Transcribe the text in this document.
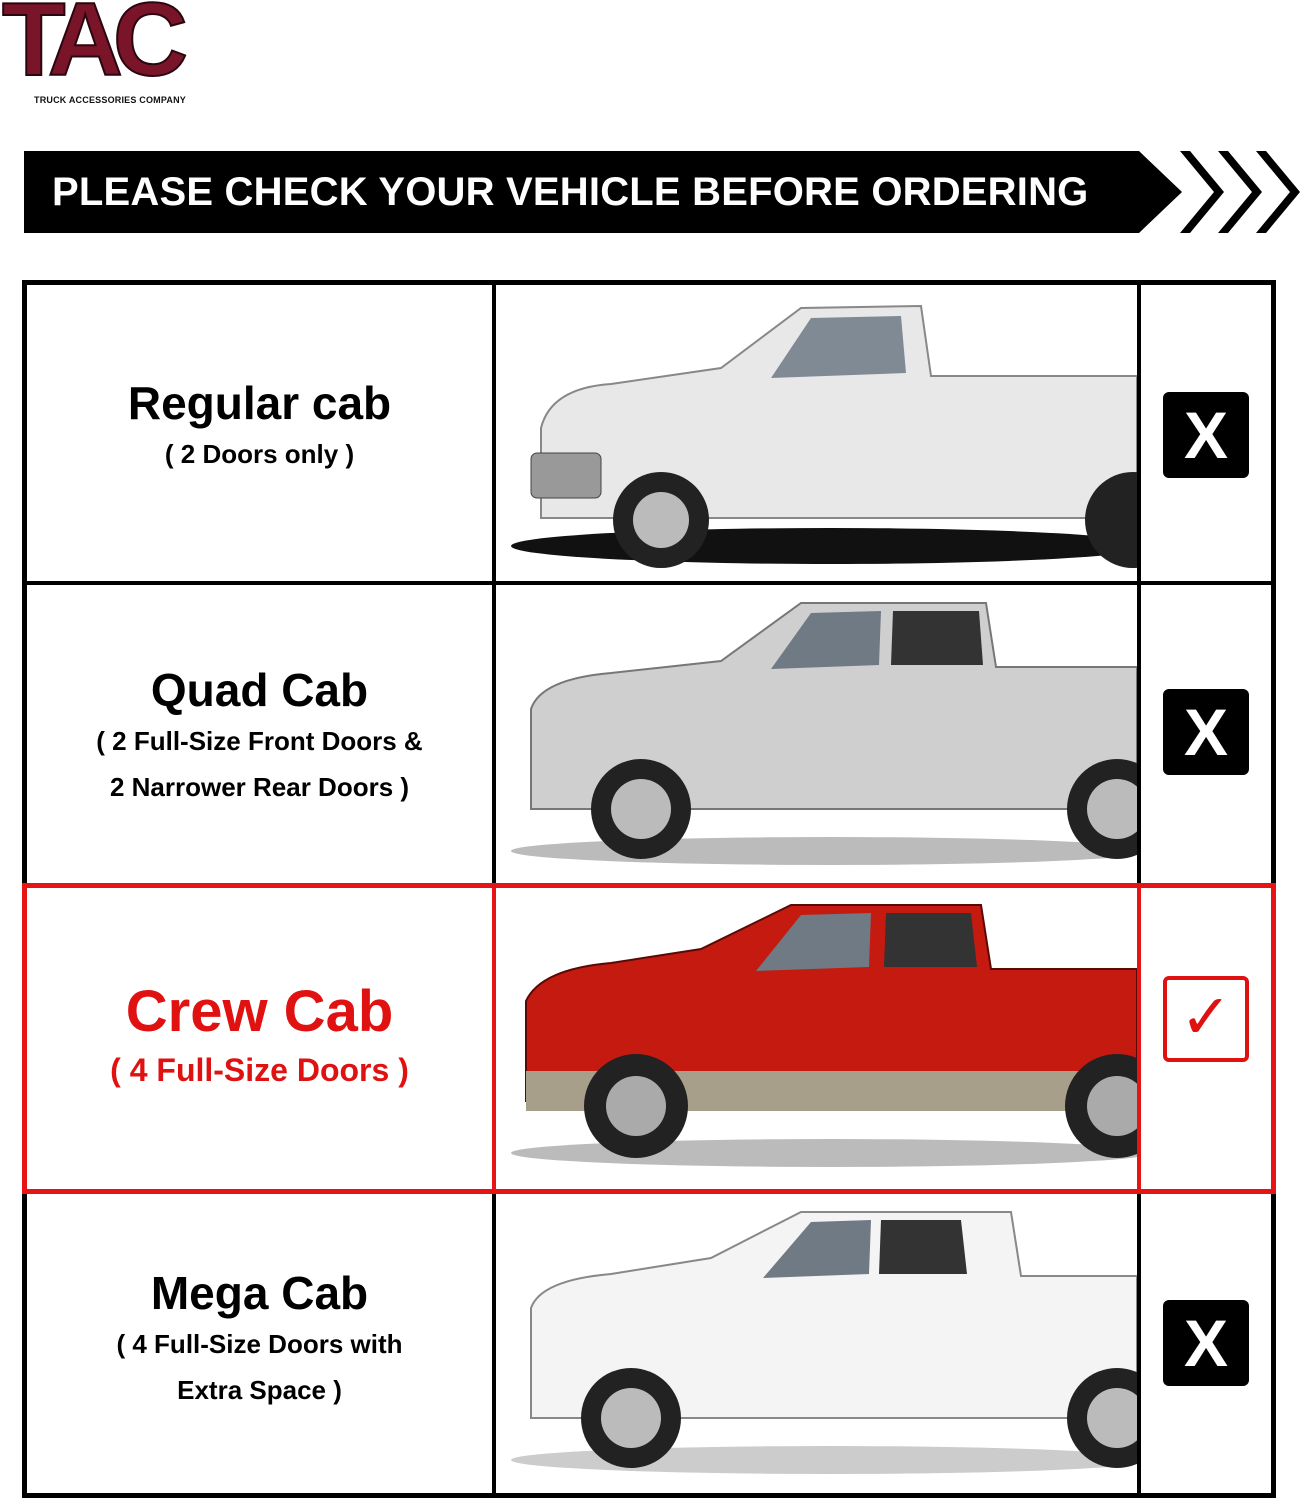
TAC
TRUCK ACCESSORIES COMPANY
PLEASE CHECK YOUR VEHICLE BEFORE ORDERING
Regular cab
( 2 Doors only )	X
Quad Cab
( 2 Full-Size Front Doors &
2 Narrower Rear Doors )
X
Crew Cab
( 4 Full-Size Doors )
✓
Mega Cab
( 4 Full-Size Doors with
Extra Space )
X
